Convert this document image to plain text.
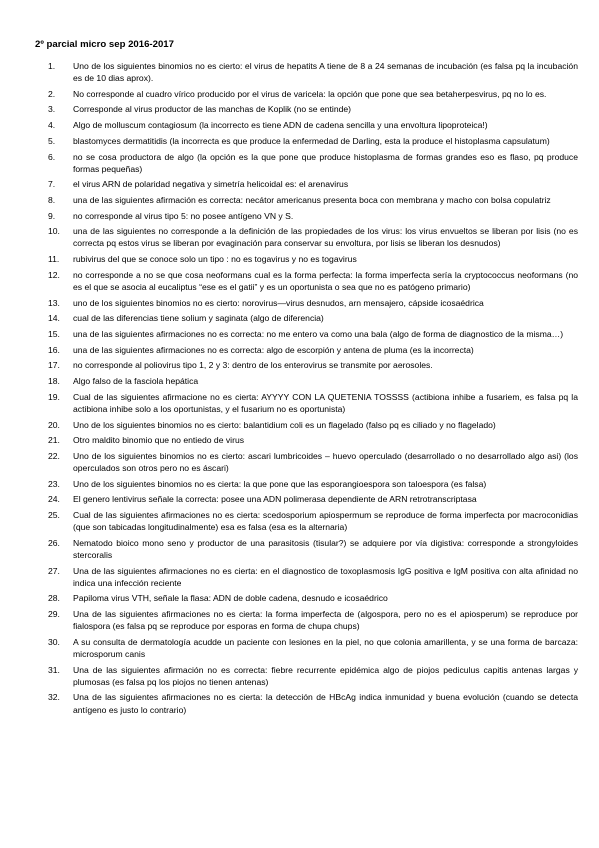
2º parcial micro sep 2016-2017
1.	Uno de los siguientes binomios no es cierto: el virus de hepatits A tiene de 8 a 24 semanas de incubación (es falsa pq la incubación es de 10 dias aprox).
2.	No corresponde al cuadro vírico producido por el virus de varicela: la opción que pone que sea betaherpesvirus, pq no lo es.
3.	Corresponde al virus productor de las manchas de Koplik (no se entinde)
4.	Algo de molluscum contagiosum (la incorrecto es tiene ADN de cadena sencilla y una envoltura lipoproteica!)
5.	blastomyces dermatitidis (la incorrecta es que produce la enfermedad de Darling, esta la produce el histoplasma capsulatum)
6.	no se cosa productora de algo (la opción es la que pone que produce histoplasma de formas grandes eso es flaso, pq produce formas pequeñas)
7.	el virus ARN de polaridad negativa y simetría helicoidal es: el arenavirus
8.	una de las siguientes afirmación es correcta: necátor americanus presenta boca con membrana y macho con bolsa copulatriz
9.	no corresponde al virus tipo 5: no posee antígeno VN y S.
10.	una de las siguientes no corresponde a la definición de las propiedades de los virus: los virus envueltos se liberan por lisis (no es correcta pq estos virus se liberan por evaginación para conservar su envoltura, por lisis se liberan los desnudos)
11.	rubivirus del que se conoce solo un tipo : no es togavirus y no es togavirus
12.	no corresponde a no se que cosa neoformans cual es la forma perfecta: la forma imperfecta sería la cryptococcus neoformans (no es el que se asocia al eucaliptus “ese es el gatii” y es un oportunista o sea que no es patógeno primario)
13.	uno de los siguientes binomios no es cierto: norovirus—virus desnudos, arn mensajero, cápside icosaédrica
14.	cual de las diferencias tiene solium y saginata (algo de diferencia)
15.	una de las siguientes afirmaciones no es correcta: no me entero va como una bala (algo de forma de diagnostico de la misma…)
16.	una de las siguientes afirmaciones no es correcta: algo de escorpión y antena de pluma (es la incorrecta)
17.	no corresponde al poliovirus tipo 1, 2 y 3: dentro de los enterovirus se transmite por aerosoles.
18.	Algo falso de la fasciola hepática
19.	Cual de las siguientes afirmacione no es cierta: AYYYY CON LA QUETENIA TOSSSS (actibiona inhibe a fusariem, es falsa pq la actibiona inhibe solo a los oportunistas, y el fusarium no es oportunista)
20.	Uno de los siguientes binomios no es cierto: balantidium coli es un flagelado (falso pq es ciliado y no flagelado)
21.	Otro maldito binomio que no entiedo de virus
22.	Uno de los siguientes binomios no es cierto: ascari lumbricoides – huevo operculado (desarrollado o no desarrollado algo asi) (los operculados son otros pero no es áscari)
23.	Uno de los siguientes binomios no es cierta: la que pone que las esporangioespora son taloespora (es falsa)
24.	El genero lentivirus señale la correcta: posee una ADN polimerasa dependiente de ARN retrotranscriptasa
25.	Cual de las siguientes afirmaciones no es cierta: scedosporium apiospermum se reproduce de forma imperfecta por macroconidias (que son tabicadas longitudinalmente) esa es falsa (esa es la alternaria)
26.	Nematodo bioico mono seno y productor de una parasitosis (tisular?) se adquiere por vía digistiva: corresponde a strongyloides stercoralis
27.	Una de las siguientes afirmaciones no es cierta: en el diagnostico de toxoplasmosis IgG positiva e IgM positiva con alta afinidad no indica una infección reciente
28.	Papiloma virus VTH, señale la flasa: ADN de doble cadena, desnudo e icosaédrico
29.	Una de las siguientes afirmaciones no es cierta: la forma imperfecta de (algospora, pero no es el apiosperum) se reproduce por fialospora (es falsa pq se reproduce por esporas en forma de chupa chups)
30.	A su consulta de dermatología acudde un paciente con lesiones en la piel, no que colonia amarillenta, y se una forma de barcaza: microsporum canis
31.	Una de las siguientes afirmación no es correcta: fiebre recurrente epidémica algo de piojos pediculus capitis antenas largas y plumosas (es falsa pq los piojos no tienen antenas)
32.	Una de las siguientes afirmaciones no es cierta: la detección de HBcAg indica inmunidad y buena evolución (cuando se detecta antígeno es justo lo contrario)
